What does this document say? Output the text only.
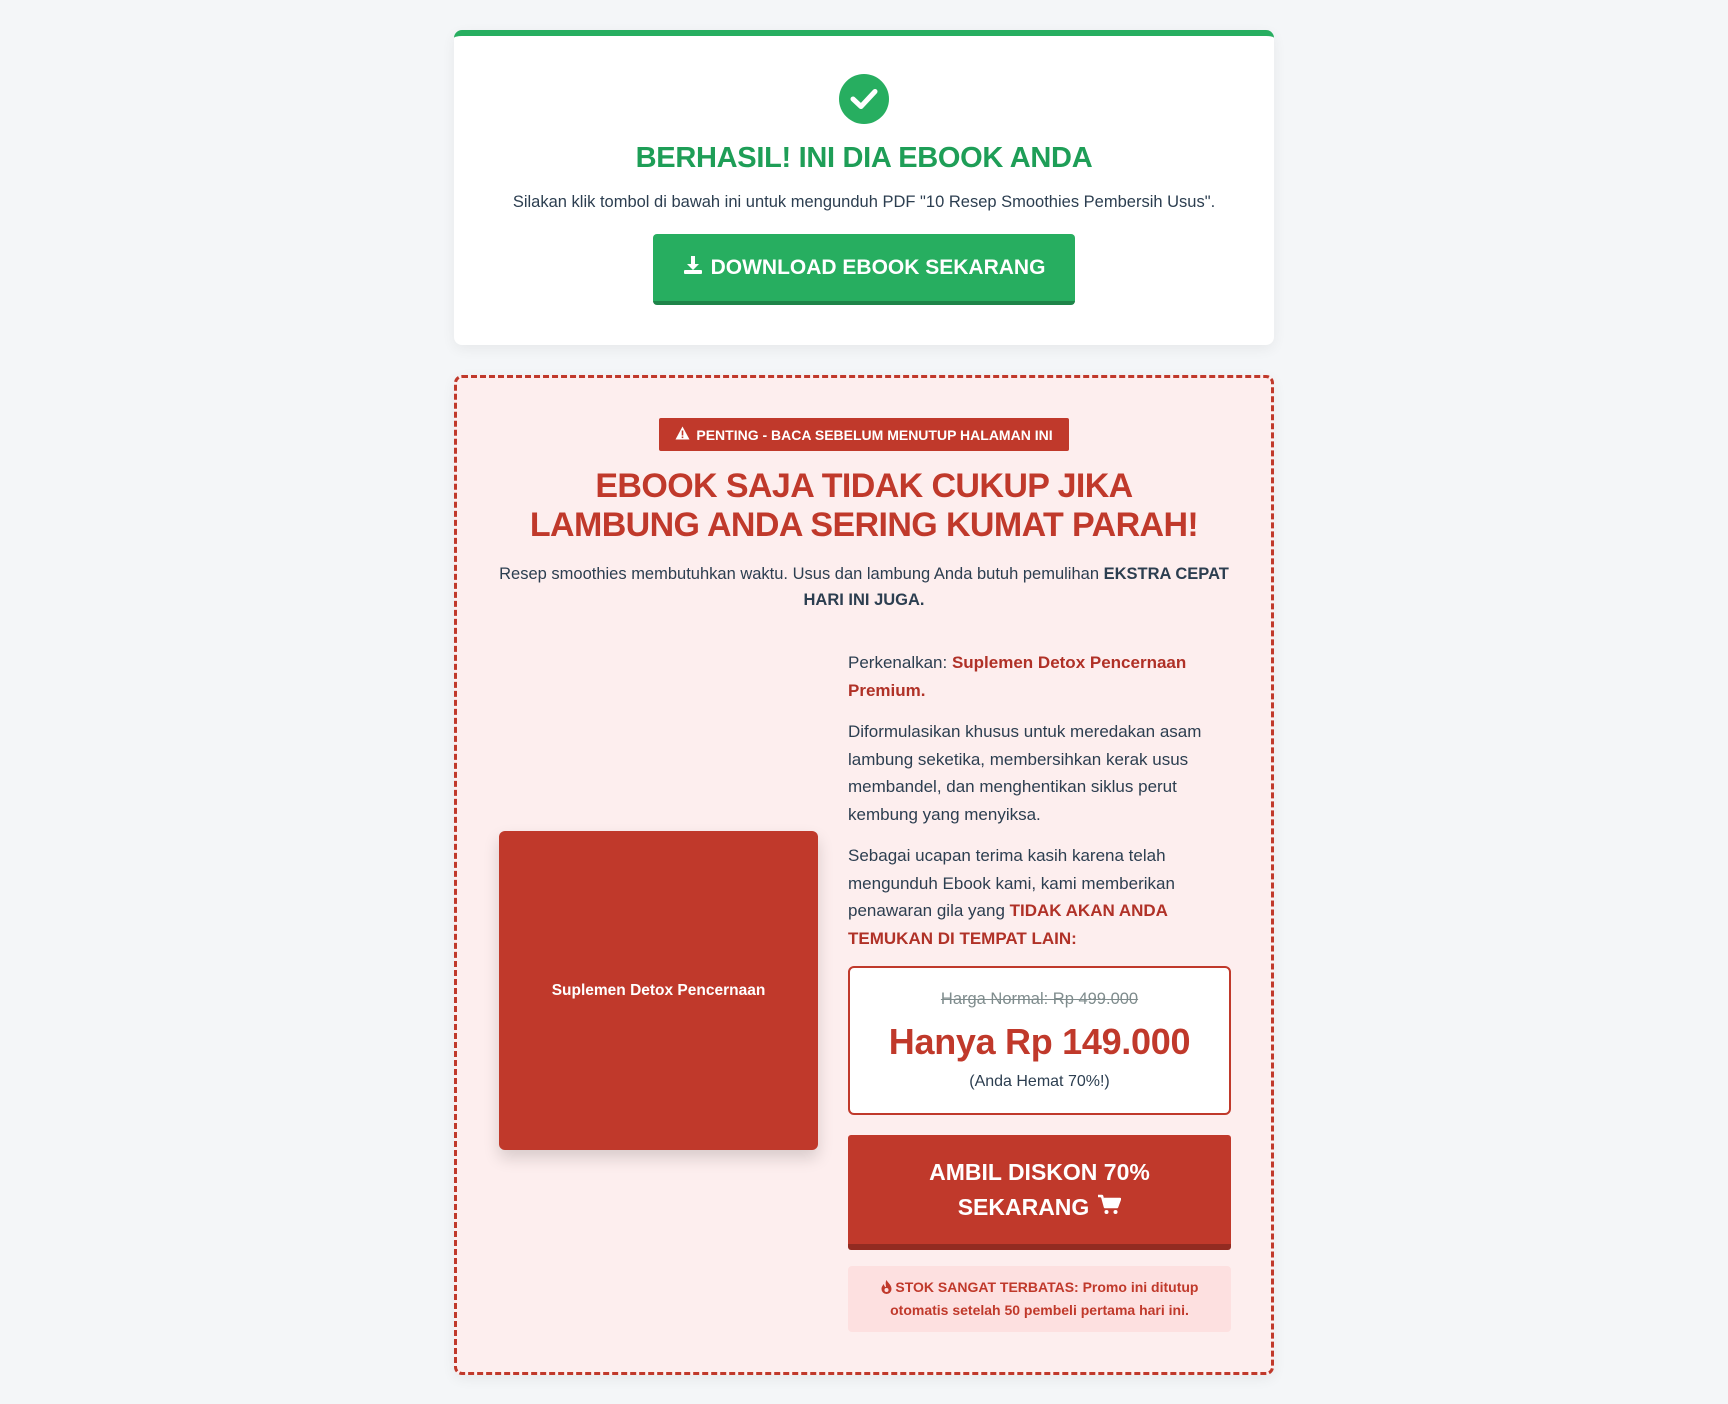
BERHASIL! INI DIA EBOOK ANDA

Silakan klik tombol di bawah ini untuk mengunduh PDF "10 Resep Smoothies Pembersih Usus".

DOWNLOAD EBOOK SEKARANG
PENTING - BACA SEBELUM MENUTUP HALAMAN INI
EBOOK SAJA TIDAK CUKUP JIKA LAMBUNG ANDA SERING KUMAT PARAH!

Resep smoothies membutuhkan waktu. Usus dan lambung Anda butuh pemulihan EKSTRA CEPAT HARI INI JUGA.

Suplemen Detox Pencernaan

Perkenalkan: Suplemen Detox Pencernaan Premium.

Diformulasikan khusus untuk meredakan asam lambung seketika, membersihkan kerak usus membandel, dan menghentikan siklus perut kembung yang menyiksa.

Sebagai ucapan terima kasih karena telah mengunduh Ebook kami, kami memberikan penawaran gila yang TIDAK AKAN ANDA TEMUKAN DI TEMPAT LAIN:

Harga Normal: Rp 499.000
Hanya Rp 149.000
(Anda Hemat 70%!)
AMBIL DISKON 70%
SEKARANG
STOK SANGAT TERBATAS: Promo ini ditutup otomatis setelah 50 pembeli pertama hari ini.
